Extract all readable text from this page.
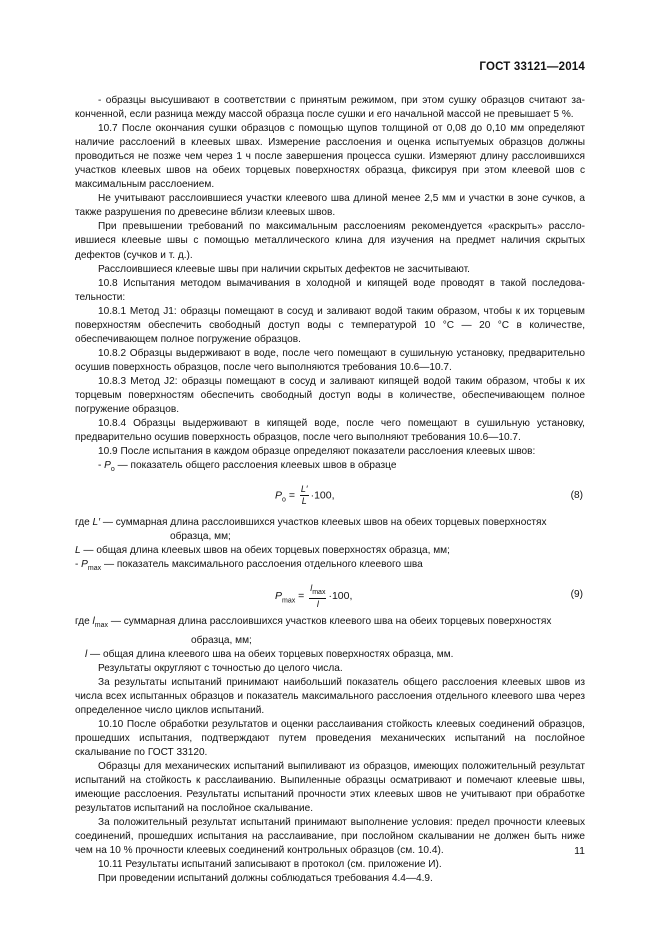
ГОСТ 33121—2014
- образцы высушивают в соответствии с принятым режимом, при этом сушку образцов считают законченной, если разница между массой образца после сушки и его начальной массой не превышает 5 %.
10.7 После окончания сушки образцов с помощью щупов толщиной от 0,08 до 0,10 мм определяют наличие расслоений в клеевых швах. Измерение расслоения и оценка испытуемых образцов должны проводиться не позже чем через 1 ч после завершения процесса сушки. Измеряют длину расслоившихся участков клеевых швов на обеих торцевых поверхностях образца, фиксируя при этом клеевой шов с максимальным расслоением.
Не учитывают расслоившиеся участки клеевого шва длиной менее 2,5 мм и участки в зоне сучков, а также разрушения по древесине вблизи клеевых швов.
При превышении требований по максимальным расслоениям рекомендуется «раскрыть» расслоившиеся клеевые швы с помощью металлического клина для изучения на предмет наличия скрытых дефектов (сучков и т. д.).
Расслоившиеся клеевые швы при наличии скрытых дефектов не засчитывают.
10.8 Испытания методом вымачивания в холодной и кипящей воде проводят в такой последовательности:
10.8.1 Метод J1: образцы помещают в сосуд и заливают водой таким образом, чтобы к их торцевым поверхностям обеспечить свободный доступ воды с температурой 10 °С — 20 °С в количестве, обеспечивающем полное погружение образцов.
10.8.2 Образцы выдерживают в воде, после чего помещают в сушильную установку, предварительно осушив поверхность образцов, после чего выполняются требования 10.6—10.7.
10.8.3 Метод J2: образцы помещают в сосуд и заливают кипящей водой таким образом, чтобы к их торцевым поверхностям обеспечить свободный доступ воды в количестве, обеспечивающем полное погружение образцов.
10.8.4 Образцы выдерживают в кипящей воде, после чего помещают в сушильную установку, предварительно осушив поверхность образцов, после чего выполняют требования 10.6—10.7.
10.9 После испытания в каждом образце определяют показатели расслоения клеевых швов:
- $P_o$ — показатель общего расслоения клеевых швов в образце
$P_o = \frac{L'}{L} \cdot 100$,	(8)
где L′ — суммарная длина расслоившихся участков клеевых швов на обеих торцевых поверхностях
образца, мм;
L — общая длина клеевых швов на обеих торцевых поверхностях образца, мм;
- $P_{max}$ — показатель максимального расслоения отдельного клеевого шва
$P_{max} = \frac{l_{max}}{l} \cdot 100$,	(9)
где $l_{max}$ — суммарная длина расслоившихся участков клеевого шва на обеих торцевых поверхностях
образца, мм;
l — общая длина клеевого шва на обеих торцевых поверхностях образца, мм.
Результаты округляют с точностью до целого числа.
За результаты испытаний принимают наибольший показатель общего расслоения клеевых швов из числа всех испытанных образцов и показатель максимального расслоения отдельного клеевого шва через определенное число циклов испытаний.
10.10 После обработки результатов и оценки расслаивания стойкость клеевых соединений образцов, прошедших испытания, подтверждают путем проведения механических испытаний на послойное скалывание по ГОСТ 33120.
Образцы для механических испытаний выпиливают из образцов, имеющих положительный результат испытаний на стойкость к расслаиванию. Выпиленные образцы осматривают и помечают клеевые швы, имеющие расслоения. Результаты испытаний прочности этих клеевых швов не учитывают при обработке результатов испытаний на послойное скалывание.
За положительный результат испытаний принимают выполнение условия: предел прочности клеевых соединений, прошедших испытания на расслаивание, при послойном скалывании не должен быть ниже чем на 10 % прочности клеевых соединений контрольных образцов (см. 10.4).
10.11 Результаты испытаний записывают в протокол (см. приложение И).
При проведении испытаний должны соблюдаться требования 4.4—4.9.
11
